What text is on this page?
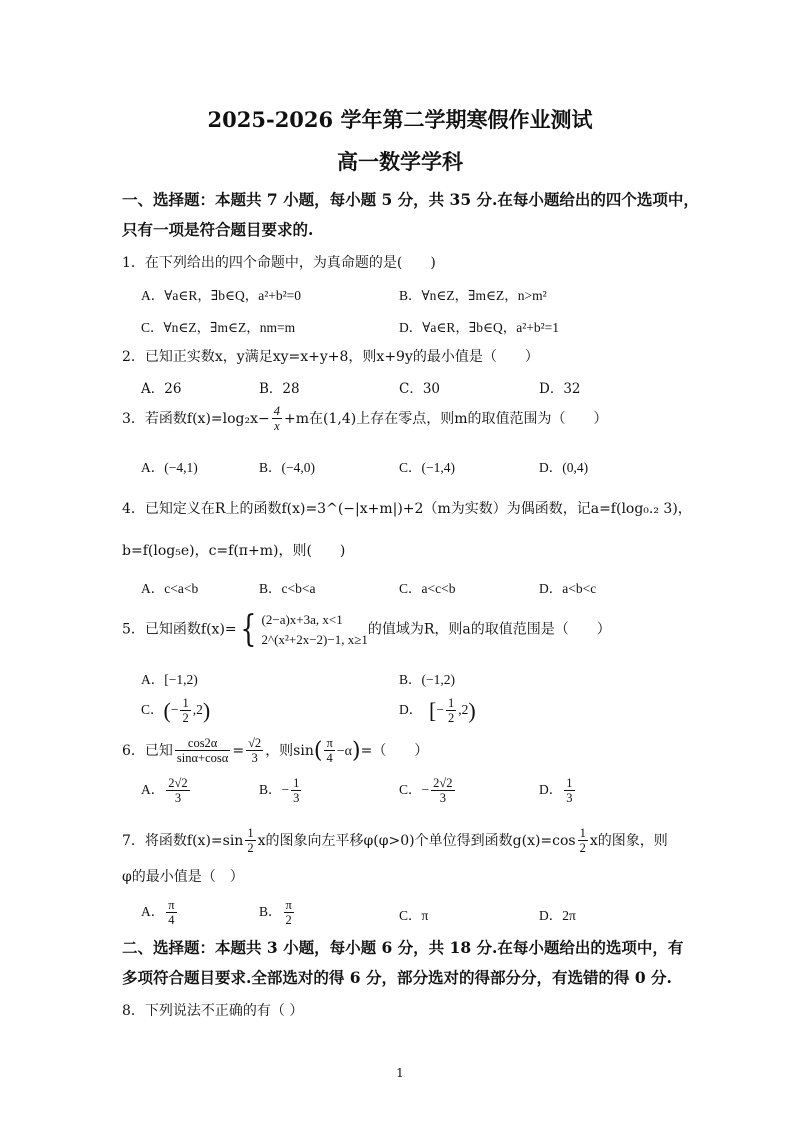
2025-2026 学年第二学期寒假作业测试
高一数学学科
一、选择题：本题共 7 小题，每小题 5 分，共 35 分.在每小题给出的四个选项中，
只有一项是符合题目要求的.
1．在下列给出的四个命题中，为真命题的是(　　)
A．∀a∈R，∃b∈Q，a²+b²=0	B．∀n∈Z，∃m∈Z，n>m²
C．∀n∈Z，∃m∈Z，nm=m	D．∀a∈R，∃b∈Q，a²+b²=1
2．已知正实数x，y满足xy=x+y+8，则x+9y的最小值是（　　）
A．26	B．28	C．30	D．32
3．若函数$f(x)=\log_2x- \frac{4}{x} +m$在(1,4)上存在零点，则m的取值范围为（　　）
A．(−4,1)	B．(−4,0)	C．(−1,4)	D．(0,4)
4．已知定义在R上的函数f(x)=3^(−|x+m|)+2（m为实数）为偶函数，记a=f(log₀.₂ 3)，
b=f(log₅e)，c=f(π+m)，则(　　)
A．c<a<b	B．c<b<a	C．a<c<b	D．a<b<c
5．已知函数f(x)={ (2−a)x+3a, x<1
2^(x²+2x−2)−1, x≥1
的值域为R，则a的取值范围是（　　）
A．[−1,2)	B．(−1,2)
C．(− $\frac{1}{2} ,2$)	D． [− $\frac{1}{2} ,2$)
6．已知 $\frac{\cos 2\alpha}{\sin\alpha+\cos\alpha} = \frac{√2}{3}$ ，则$\sin( \frac{\pi}{4} -\alpha)=$（　　）
A． $\frac{2√2}{3}$	B．− $\frac{1}{3}$	C．− $\frac{2√2}{3}$	D． $\frac{1}{3}$
7．将函数$f(x)=\sin \frac{1}{2}$ x的图象向左平移φ(φ>0)个单位得到函数$g(x)=\cos \frac{1}{2}$ x的图象，则
φ的最小值是（　）
A． $\frac{\pi}{4}$	B． $\frac{\pi}{2}$	C．π	D．2π
二、选择题：本题共 3 小题，每小题 6 分，共 18 分.在每小题给出的选项中，有
多项符合题目要求.全部选对的得 6 分，部分选对的得部分分，有选错的得 0 分.
8．下列说法不正确的有（ ）
1
